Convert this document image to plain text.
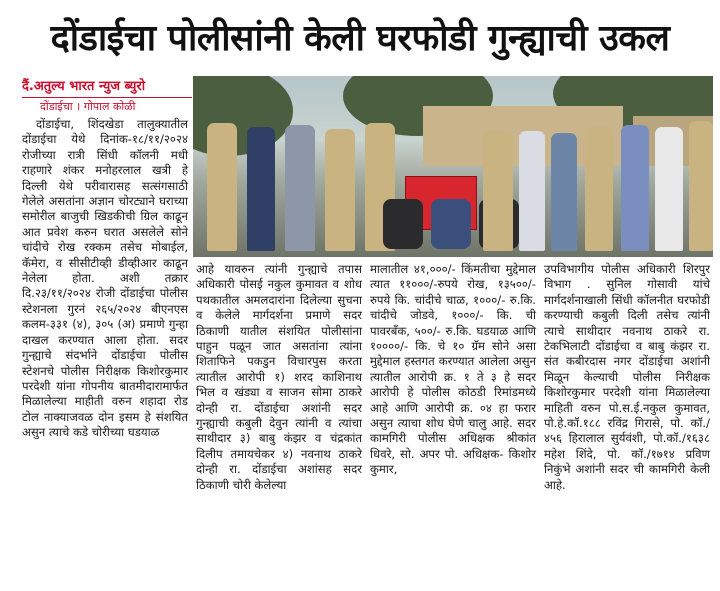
दोंडाईचा पोलीसांनी केली घरफोडी गुन्ह्याची उकल
दैं.अतुल्य भारत न्युज ब्युरो
दोंडाईचा । गोपाल कोळी
दोंडाईचा, शिंदखेडा तालुक्यातील दोंडाईचा येथे दिनांक-१८/११/२०२४ रोजीच्या रात्री सिंधी कॉलनी मधी राहणारे शंकर मनोहरलाल खत्री हे दिल्ली येथे परीवारासह सत्संगसाठी गेलेले असतांना अज्ञान चोरट्याने घराच्या समोरील बाजुची खिडकीची ग्रिल काढून आत प्रवेश करुन घरात असलेले सोने चांदीचे रोख रक्कम तसेच मोबाईल, कॅमेरा, व सीसीटीव्ही डीव्हीआर काढून नेलेला होता. अशी तक्रार दि.२३/११/२०२४ रोजी दोंडाईचा पोलीस स्टेशनला गुरनं २६५/२०२४ बीएनएस कलम-३३१ (४), ३०५ (अ) प्रमाणे गुन्हा दाखल करण्यात आला होता. सदर गुन्ह्याचे संदर्भाने दोंडाईचा पोलीस स्टेशनचे पोलीस निरीक्षक किशोरकुमार परदेशी यांना गोपनीय बातमीदारामार्फत मिळालेल्या माहीती वरुन शहादा रोड टोल नाक्याजवळ दोन इसम हे संशयित असुन त्याचे कडे चोरीच्या घडयाळ
आहे यावरुन त्यांनी गुन्ह्याचे तपास अधिकारी पोसई नकुल कुमावत व शोध पथकातील अमलदारांना दिलेल्या सुचना व केलेले मार्गदर्शना प्रमाणे सदर ठिकाणी यातील संशयित पोलीसांना पाहुन पळून जात असतांना त्यांना शिताफिने पकडुन विचारपुस करता त्यातील आरोपी १) शरद काशिनाथ भिल व खंड्या व साजन सोमा ठाकरे दोन्ही रा. दोंडाईचा अशांनी सदर गुन्ह्याची कबुली देवुन त्यांनी व त्यांचा साथीदार ३) बाबु कंझर व चंद्रकांत दिलीप तमायचेकर ४) नवनाथ ठाकरे दोन्ही रा. दोंडाईचा अशांसह सदर ठिकाणी चोरी केलेल्या
मालातील ४१,०००/- किंमतीचा मुद्देमाल त्यात ११०००/-रुपये रोख, १३५००/-रुपये कि. चांदीचे चाळ, १०००/- रु.कि. चांदीचे जोडवे, १०००/- कि. ची पावरबँक, ५००/- रु.कि. घडयाळ आणि १००००/- कि. चे १० ग्रॅम सोने असा मुद्देमाल हस्तगत करण्यात आलेला असुन त्यातील आरोपी क्र. १ ते ३ हे सदर आरोपी हे पोलीस कोठडी रिमांडमध्ये आहे आणि आरोपी क्र. ०४ हा फरार असुन त्याचा शोध घेणे चालु आहे. सदर कामगिरी पोलीस अधिक्षक श्रीकांत धिवरे, सो. अपर पो. अधिक्षक- किशोर कुमार,
उपविभागीय पोलीस अधिकारी शिरपुर विभाग . सुनिल गोसावी यांचे मार्गदर्शनाखाली सिंधी कॉलनीत घरफोडी करण्याची कबुली दिली तसेच त्यांनी त्याचे साथीदार नवनाथ ठाकरे रा. टेकभिलाटी दोंडाईचा व बाबु कंझर रा. संत कबीरदास नगर दोंडाईचा अशांनी मिळून केल्याची पोलीस निरीक्षक किशोरकुमार परदेशी यांना मिळालेल्या माहिती वरुन पो.स.ई.नकुल कुमावत, पो.हे.कॉ.१८८ रविंद्र गिरासे, पो. कॉ./४५६ हिरालाल सुर्यवंशी, पो.कॉ./१६३८ महेश शिंदे, पो. कॉ./१७१४ प्रविण निकुंभे अशांनी सदर ची कामगिरी केली आहे.
